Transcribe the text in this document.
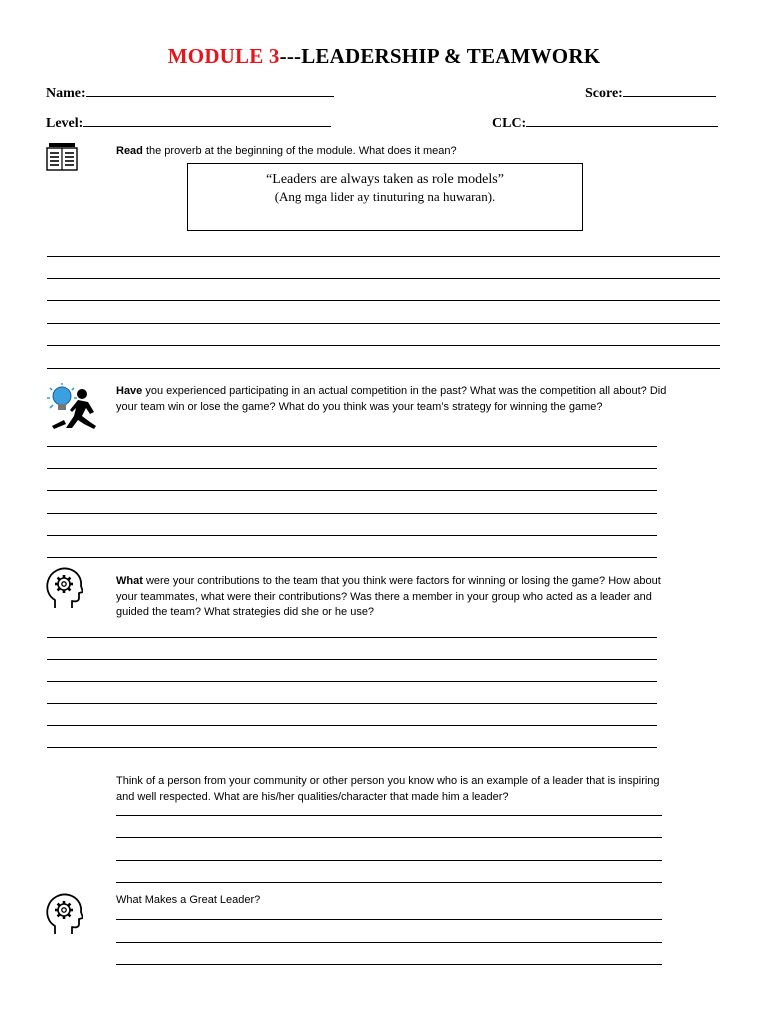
MODULE 3---LEADERSHIP & TEAMWORK
Name:	Score:
Level:	CLC:
Read the proverb at the beginning of the module. What does it mean?
“Leaders are always taken as role models”
(Ang mga lider ay tinuturing na huwaran).
Have you experienced participating in an actual competition in the past? What was the competition all about? Did your team win or lose the game? What do you think was your team’s strategy for winning the game?
What were your contributions to the team that you think were factors for winning or losing the game? How about your teammates, what were their contributions? Was there a member in your group who acted as a leader and guided the team? What strategies did she or he use?
Think of a person from your community or other person you know who is an example of a leader that is inspiring and well respected. What are his/her qualities/character that made him a leader?
What Makes a Great Leader?
